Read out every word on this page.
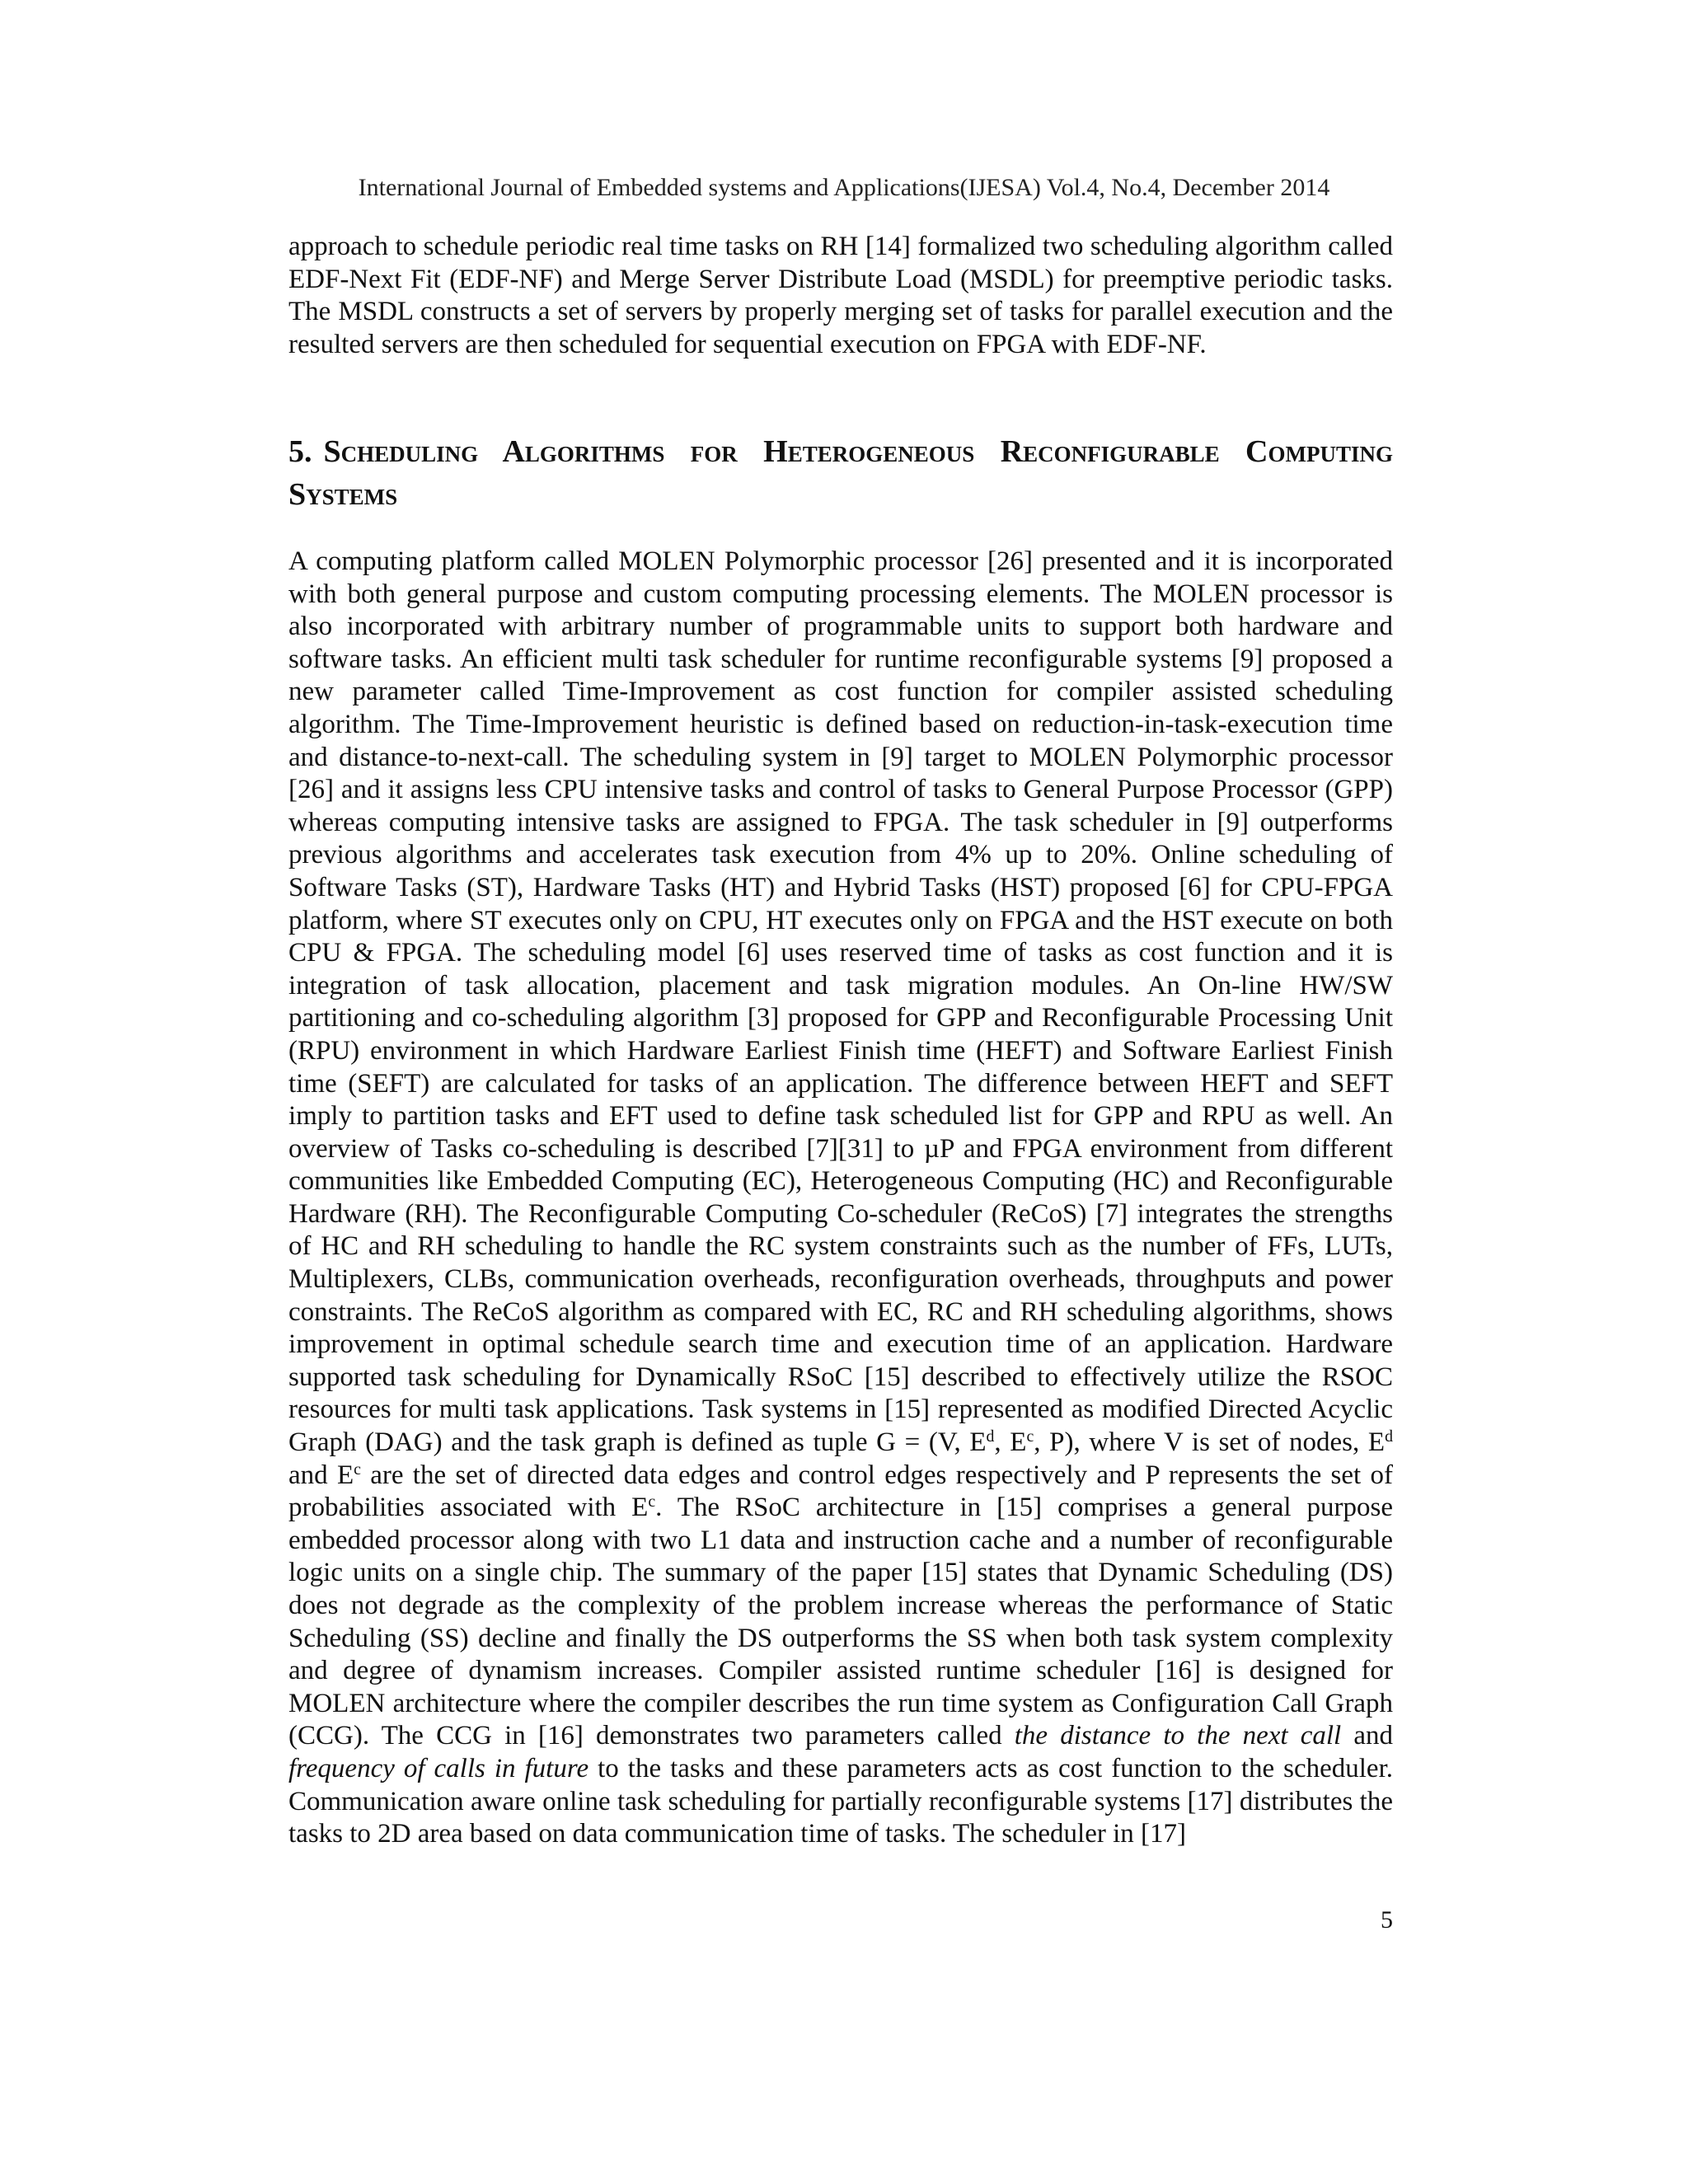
International Journal of Embedded systems and Applications(IJESA) Vol.4, No.4, December 2014

approach to schedule periodic real time tasks on RH [14] formalized two scheduling algorithm called EDF-Next Fit (EDF-NF) and Merge Server Distribute Load (MSDL) for preemptive periodic tasks. The MSDL constructs a set of servers by properly merging set of tasks for parallel execution and the resulted servers are then scheduled for sequential execution on FPGA with EDF-NF.

5. Scheduling Algorithms for Heterogeneous Reconfigurable Computing Systems

A computing platform called MOLEN Polymorphic processor [26] presented and it is incorporated with both general purpose and custom computing processing elements. The MOLEN processor is also incorporated with arbitrary number of programmable units to support both hardware and software tasks. An efficient multi task scheduler for runtime reconfigurable systems [9] proposed a new parameter called Time-Improvement as cost function for compiler assisted scheduling algorithm. The Time-Improvement heuristic is defined based on reduction-in-task-execution time and distance-to-next-call. The scheduling system in [9] target to MOLEN Polymorphic processor [26] and it assigns less CPU intensive tasks and control of tasks to General Purpose Processor (GPP) whereas computing intensive tasks are assigned to FPGA. The task scheduler in [9] outperforms previous algorithms and accelerates task execution from 4% up to 20%. Online scheduling of Software Tasks (ST), Hardware Tasks (HT) and Hybrid Tasks (HST) proposed [6] for CPU-FPGA platform, where ST executes only on CPU, HT executes only on FPGA and the HST execute on both CPU & FPGA. The scheduling model [6] uses reserved time of tasks as cost function and it is integration of task allocation, placement and task migration modules. An On-line HW/SW partitioning and co-scheduling algorithm [3] proposed for GPP and Reconfigurable Processing Unit (RPU) environment in which Hardware Earliest Finish time (HEFT) and Software Earliest Finish time (SEFT) are calculated for tasks of an application. The difference between HEFT and SEFT imply to partition tasks and EFT used to define task scheduled list for GPP and RPU as well. An overview of Tasks co-scheduling is described [7][31] to µP and FPGA environment from different communities like Embedded Computing (EC), Heterogeneous Computing (HC) and Reconfigurable Hardware (RH). The Reconfigurable Computing Co-scheduler (ReCoS) [7] integrates the strengths of HC and RH scheduling to handle the RC system constraints such as the number of FFs, LUTs, Multiplexers, CLBs, communication overheads, reconfiguration overheads, throughputs and power constraints. The ReCoS algorithm as compared with EC, RC and RH scheduling algorithms, shows improvement in optimal schedule search time and execution time of an application. Hardware supported task scheduling for Dynamically RSoC [15] described to effectively utilize the RSOC resources for multi task applications. Task systems in [15] represented as modified Directed Acyclic Graph (DAG) and the task graph is defined as tuple G = (V, $E^d$, $E^c$, P), where V is set of nodes, $E^d$ and $E^c$ are the set of directed data edges and control edges respectively and P represents the set of probabilities associated with $E^c$. The RSoC architecture in [15] comprises a general purpose embedded processor along with two L1 data and instruction cache and a number of reconfigurable logic units on a single chip. The summary of the paper [15] states that Dynamic Scheduling (DS) does not degrade as the complexity of the problem increase whereas the performance of Static Scheduling (SS) decline and finally the DS outperforms the SS when both task system complexity and degree of dynamism increases. Compiler assisted runtime scheduler [16] is designed for MOLEN architecture where the compiler describes the run time system as Configuration Call Graph (CCG). The CCG in [16] demonstrates two parameters called the distance to the next call and frequency of calls in future to the tasks and these parameters acts as cost function to the scheduler. Communication aware online task scheduling for partially reconfigurable systems [17] distributes the tasks to 2D area based on data communication time of tasks. The scheduler in [17]

5
